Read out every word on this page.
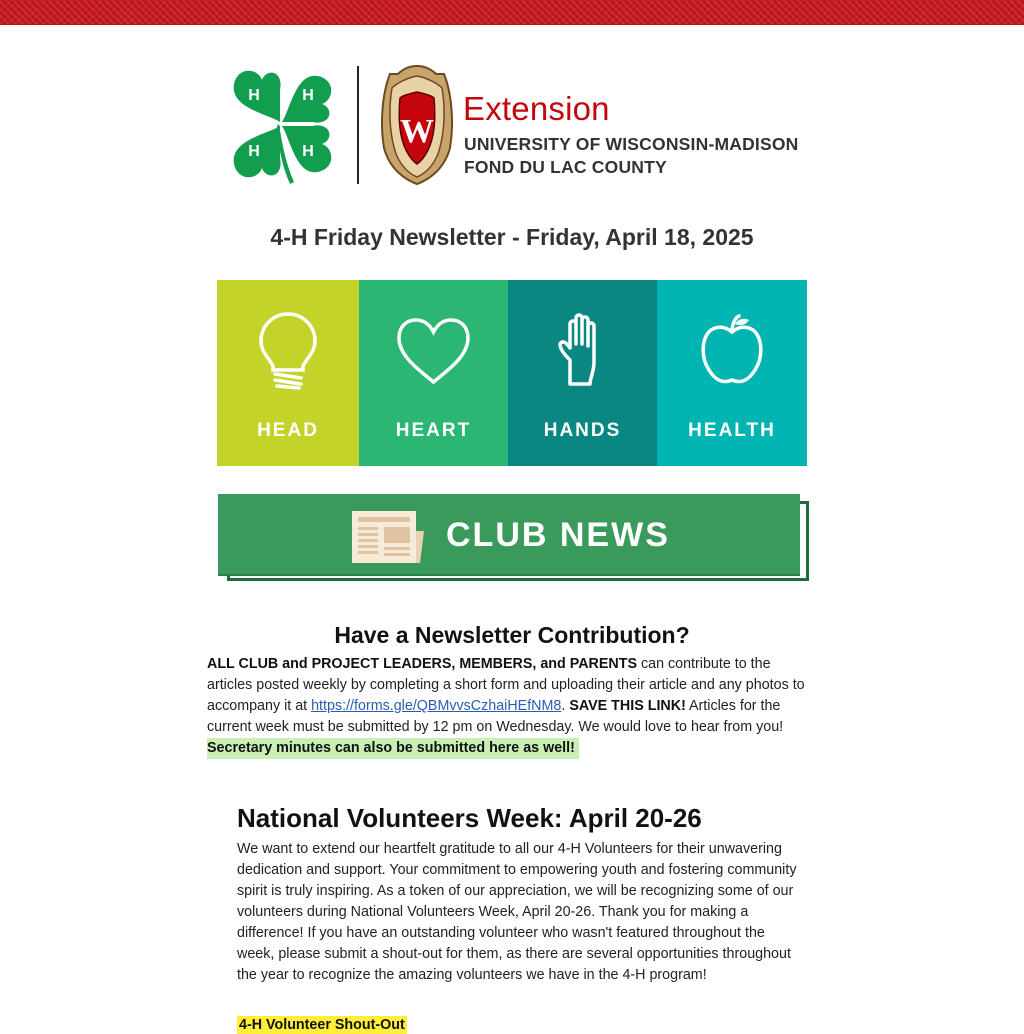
H	H
H	H
W
Extension
UNIVERSITY OF WISCONSIN-MADISON
FOND DU LAC COUNTY
4-H Friday Newsletter - Friday, April 18, 2025
HEAD	HEART	HANDS	HEALTH
CLUB NEWS
Have a Newsletter Contribution?
ALL CLUB and PROJECT LEADERS, MEMBERS, and PARENTS can contribute to the articles posted weekly by completing a short form and uploading their article and any photos to accompany it at https://forms.gle/QBMvvsCzhaiHEfNM8. SAVE THIS LINK! Articles for the current week must be submitted by 12 pm on Wednesday. We would love to hear from you!
Secretary minutes can also be submitted here as well!
National Volunteers Week: April 20-26
We want to extend our heartfelt gratitude to all our 4-H Volunteers for their unwavering dedication and support. Your commitment to empowering youth and fostering community spirit is truly inspiring. As a token of our appreciation, we will be recognizing some of our volunteers during National Volunteers Week, April 20-26. Thank you for making a difference! If you have an outstanding volunteer who wasn't featured throughout the week, please submit a shout-out for them, as there are several opportunities throughout the year to recognize the amazing volunteers we have in the 4-H program!
4-H Volunteer Shout-Out
